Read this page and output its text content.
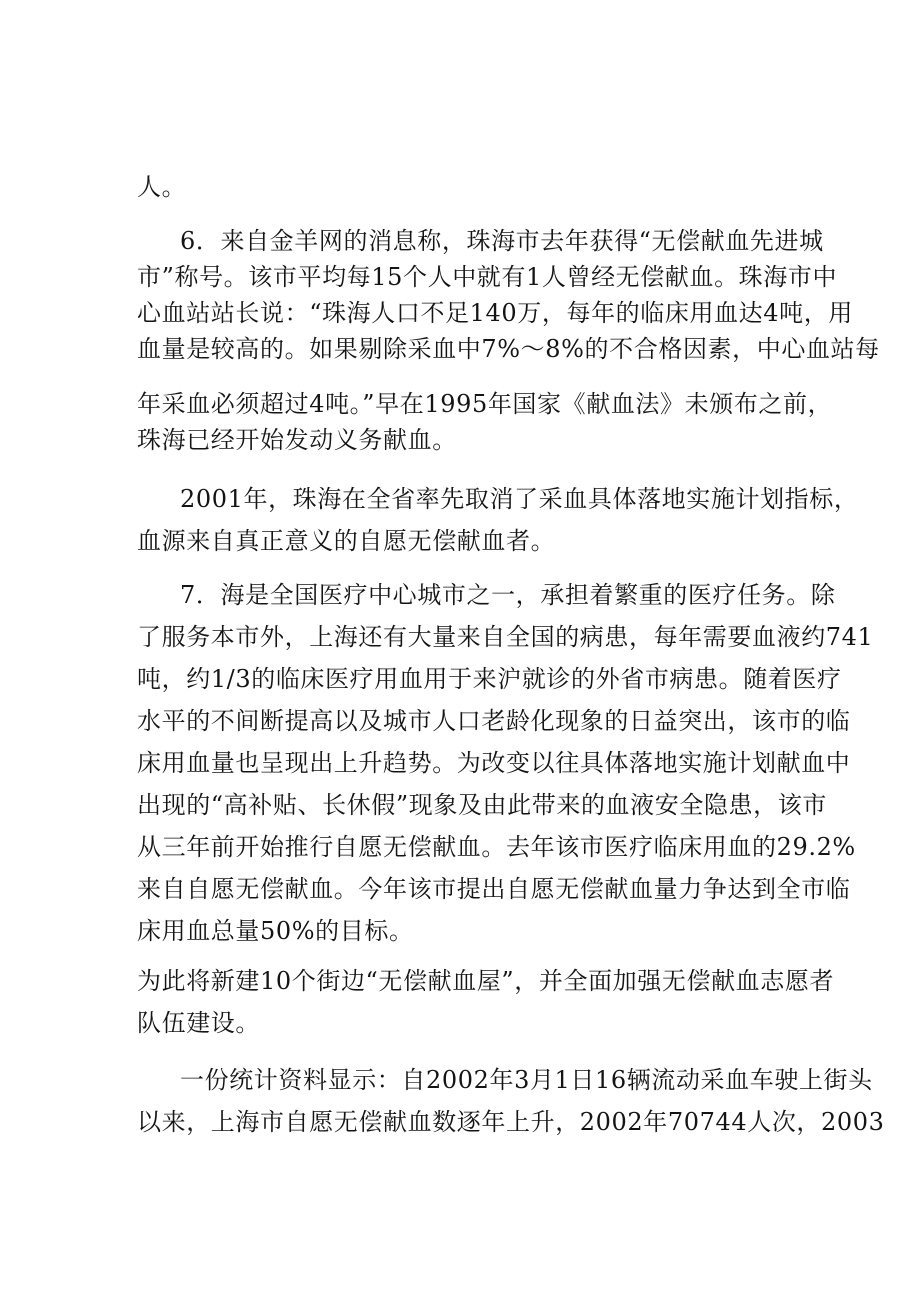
人。
6．来自金羊网的消息称，珠海市去年获得“无偿献血先进城
市”称号。该市平均每15个人中就有1人曾经无偿献血。珠海市中
心血站站长说：“珠海人口不足140万，每年的临床用血达4吨，用
血量是较高的。如果剔除采血中7%～8%的不合格因素，中心血站每
年采血必须超过4吨。”早在1995年国家《献血法》未颁布之前，
珠海已经开始发动义务献血。
2001年，珠海在全省率先取消了采血具体落地实施计划指标，
血源来自真正意义的自愿无偿献血者。
7．海是全国医疗中心城市之一，承担着繁重的医疗任务。除
了服务本市外，上海还有大量来自全国的病患，每年需要血液约741
吨，约1/3的临床医疗用血用于来沪就诊的外省市病患。随着医疗
水平的不间断提高以及城市人口老龄化现象的日益突出，该市的临
床用血量也呈现出上升趋势。为改变以往具体落地实施计划献血中
出现的“高补贴、长休假”现象及由此带来的血液安全隐患，该市
从三年前开始推行自愿无偿献血。去年该市医疗临床用血的29.2%
来自自愿无偿献血。今年该市提出自愿无偿献血量力争达到全市临
床用血总量50%的目标。
为此将新建10个街边“无偿献血屋”，并全面加强无偿献血志愿者
队伍建设。
一份统计资料显示：自2002年3月1日16辆流动采血车驶上街头
以来，上海市自愿无偿献血数逐年上升，2002年70744人次，2003
